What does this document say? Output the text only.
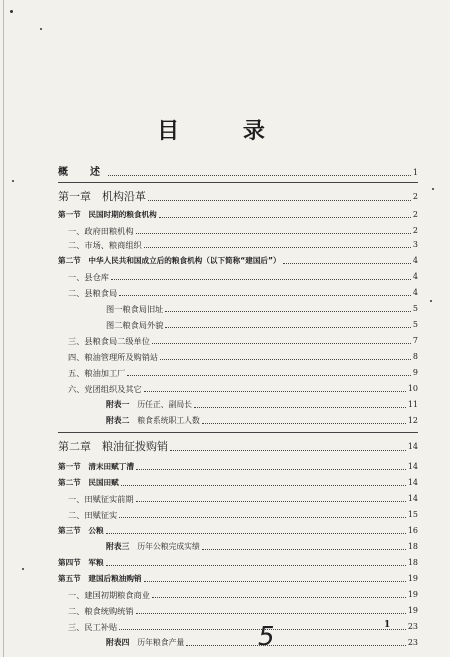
目 录
概　述	1
第一章　机构沿革	2
第一节　民国时期的粮食机构	2
一、政府田粮机构	2
二、市场、粮商组织	3
第二节　中华人民共和国成立后的粮食机构（以下简称“建国后”）	4
一、县仓库	4
二、县粮食局	4
图一粮食局旧址	5
图二粮食局外貌	5
三、县粮食局二级单位	7
四、粮油管理所及购销站	8
五、粮油加工厂	9
六、党团组织及其它	10
附表一 历任正、副局长	11
附表二 粮食系统职工人数	12
第二章　粮油征拨购销	14
第一节　清末田赋丁漕	14
第二节　民国田赋	14
一、田赋征实前期	14
二、田赋征实	15
第三节　公粮	16
附表三 历年公粮完成实绩	18
第四节　军粮	18
第五节　建国后粮油购销	19
一、建国初期粮食商业	19
二、粮食统购统销	19
三、民工补贴	23
附表四 历年粮食产量	23
1
5
